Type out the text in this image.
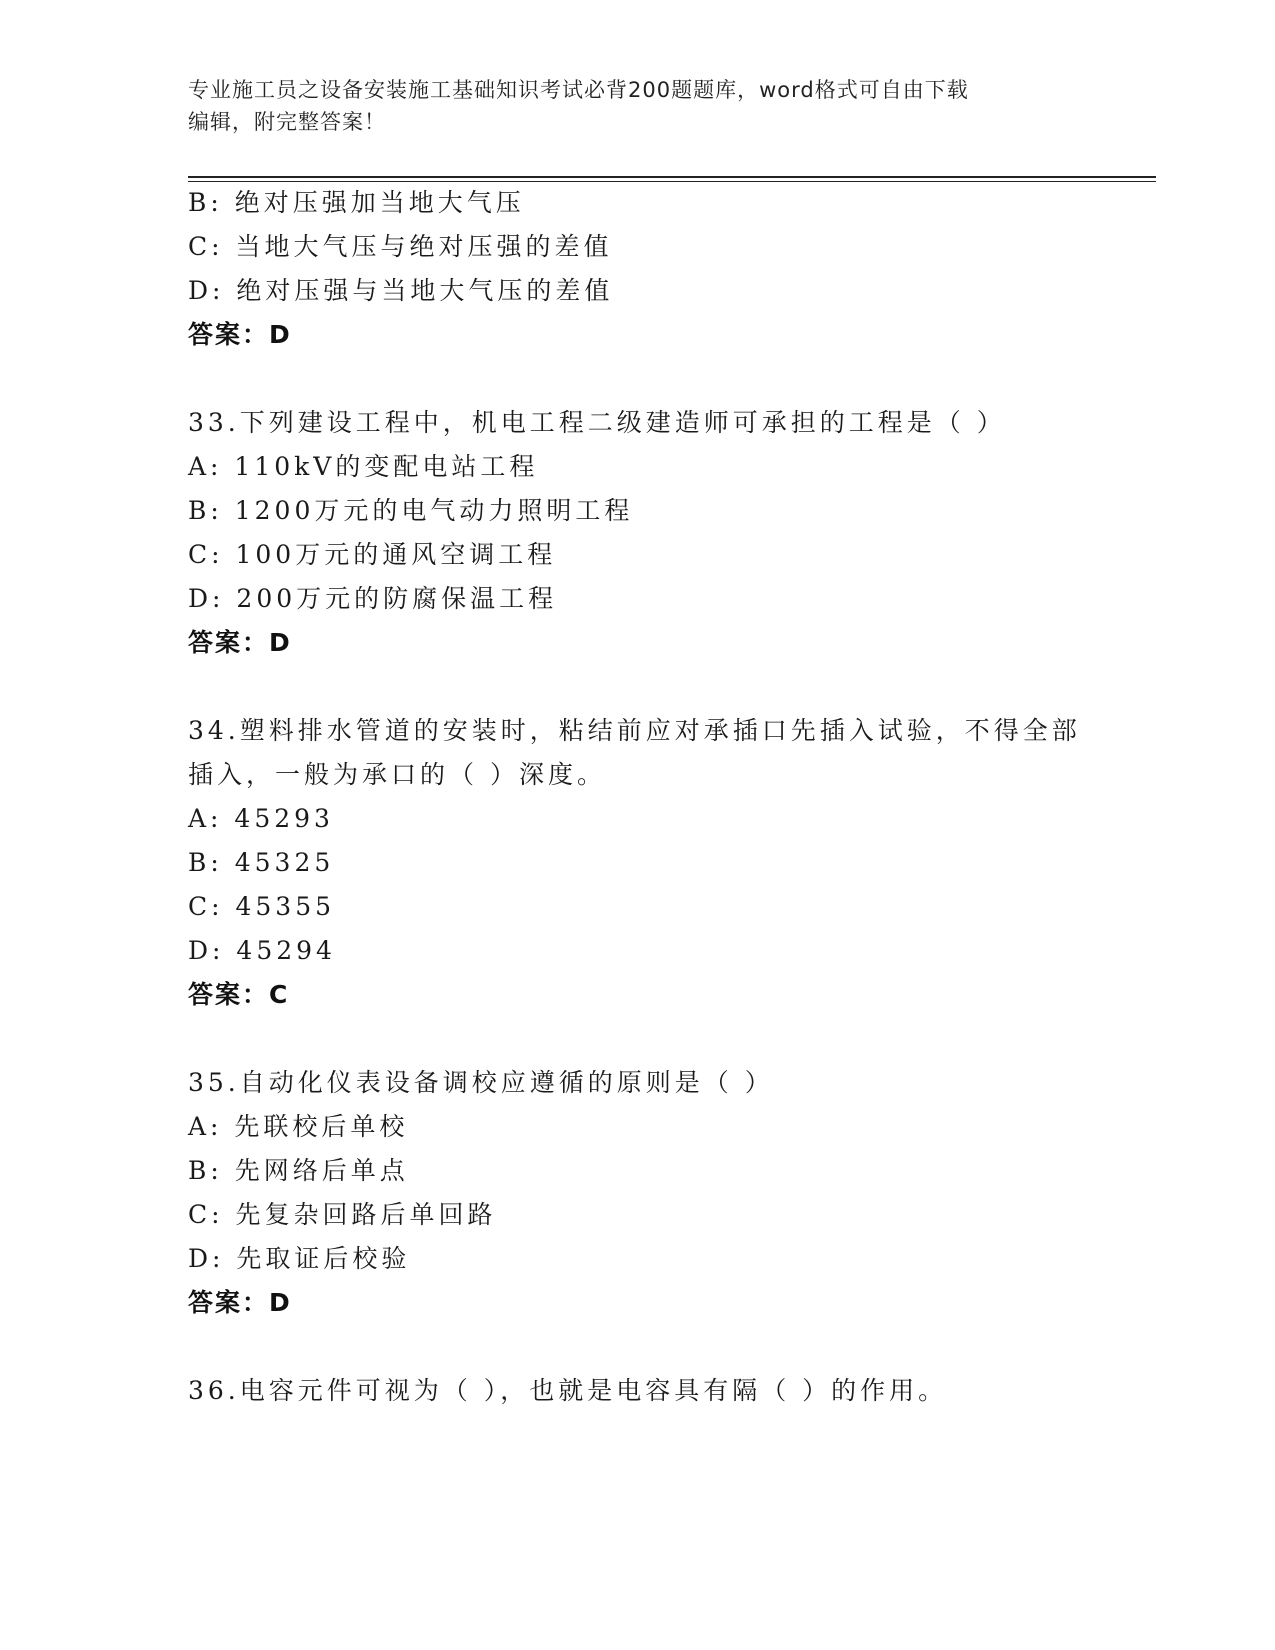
专业施工员之设备安装施工基础知识考试必背200题题库，word格式可自由下载
编辑，附完整答案！
B: 绝对压强加当地大气压
C: 当地大气压与绝对压强的差值
D: 绝对压强与当地大气压的差值
答案：D
33.下列建设工程中，机电工程二级建造师可承担的工程是（ ）
A: 110kV的变配电站工程
B: 1200万元的电气动力照明工程
C: 100万元的通风空调工程
D: 200万元的防腐保温工程
答案：D
34.塑料排水管道的安装时，粘结前应对承插口先插入试验，不得全部
插入，一般为承口的（ ）深度。
A: 45293
B: 45325
C: 45355
D: 45294
答案：C
35.自动化仪表设备调校应遵循的原则是（ ）
A: 先联校后单校
B: 先网络后单点
C: 先复杂回路后单回路
D: 先取证后校验
答案：D
36.电容元件可视为（ ），也就是电容具有隔（ ）的作用。
